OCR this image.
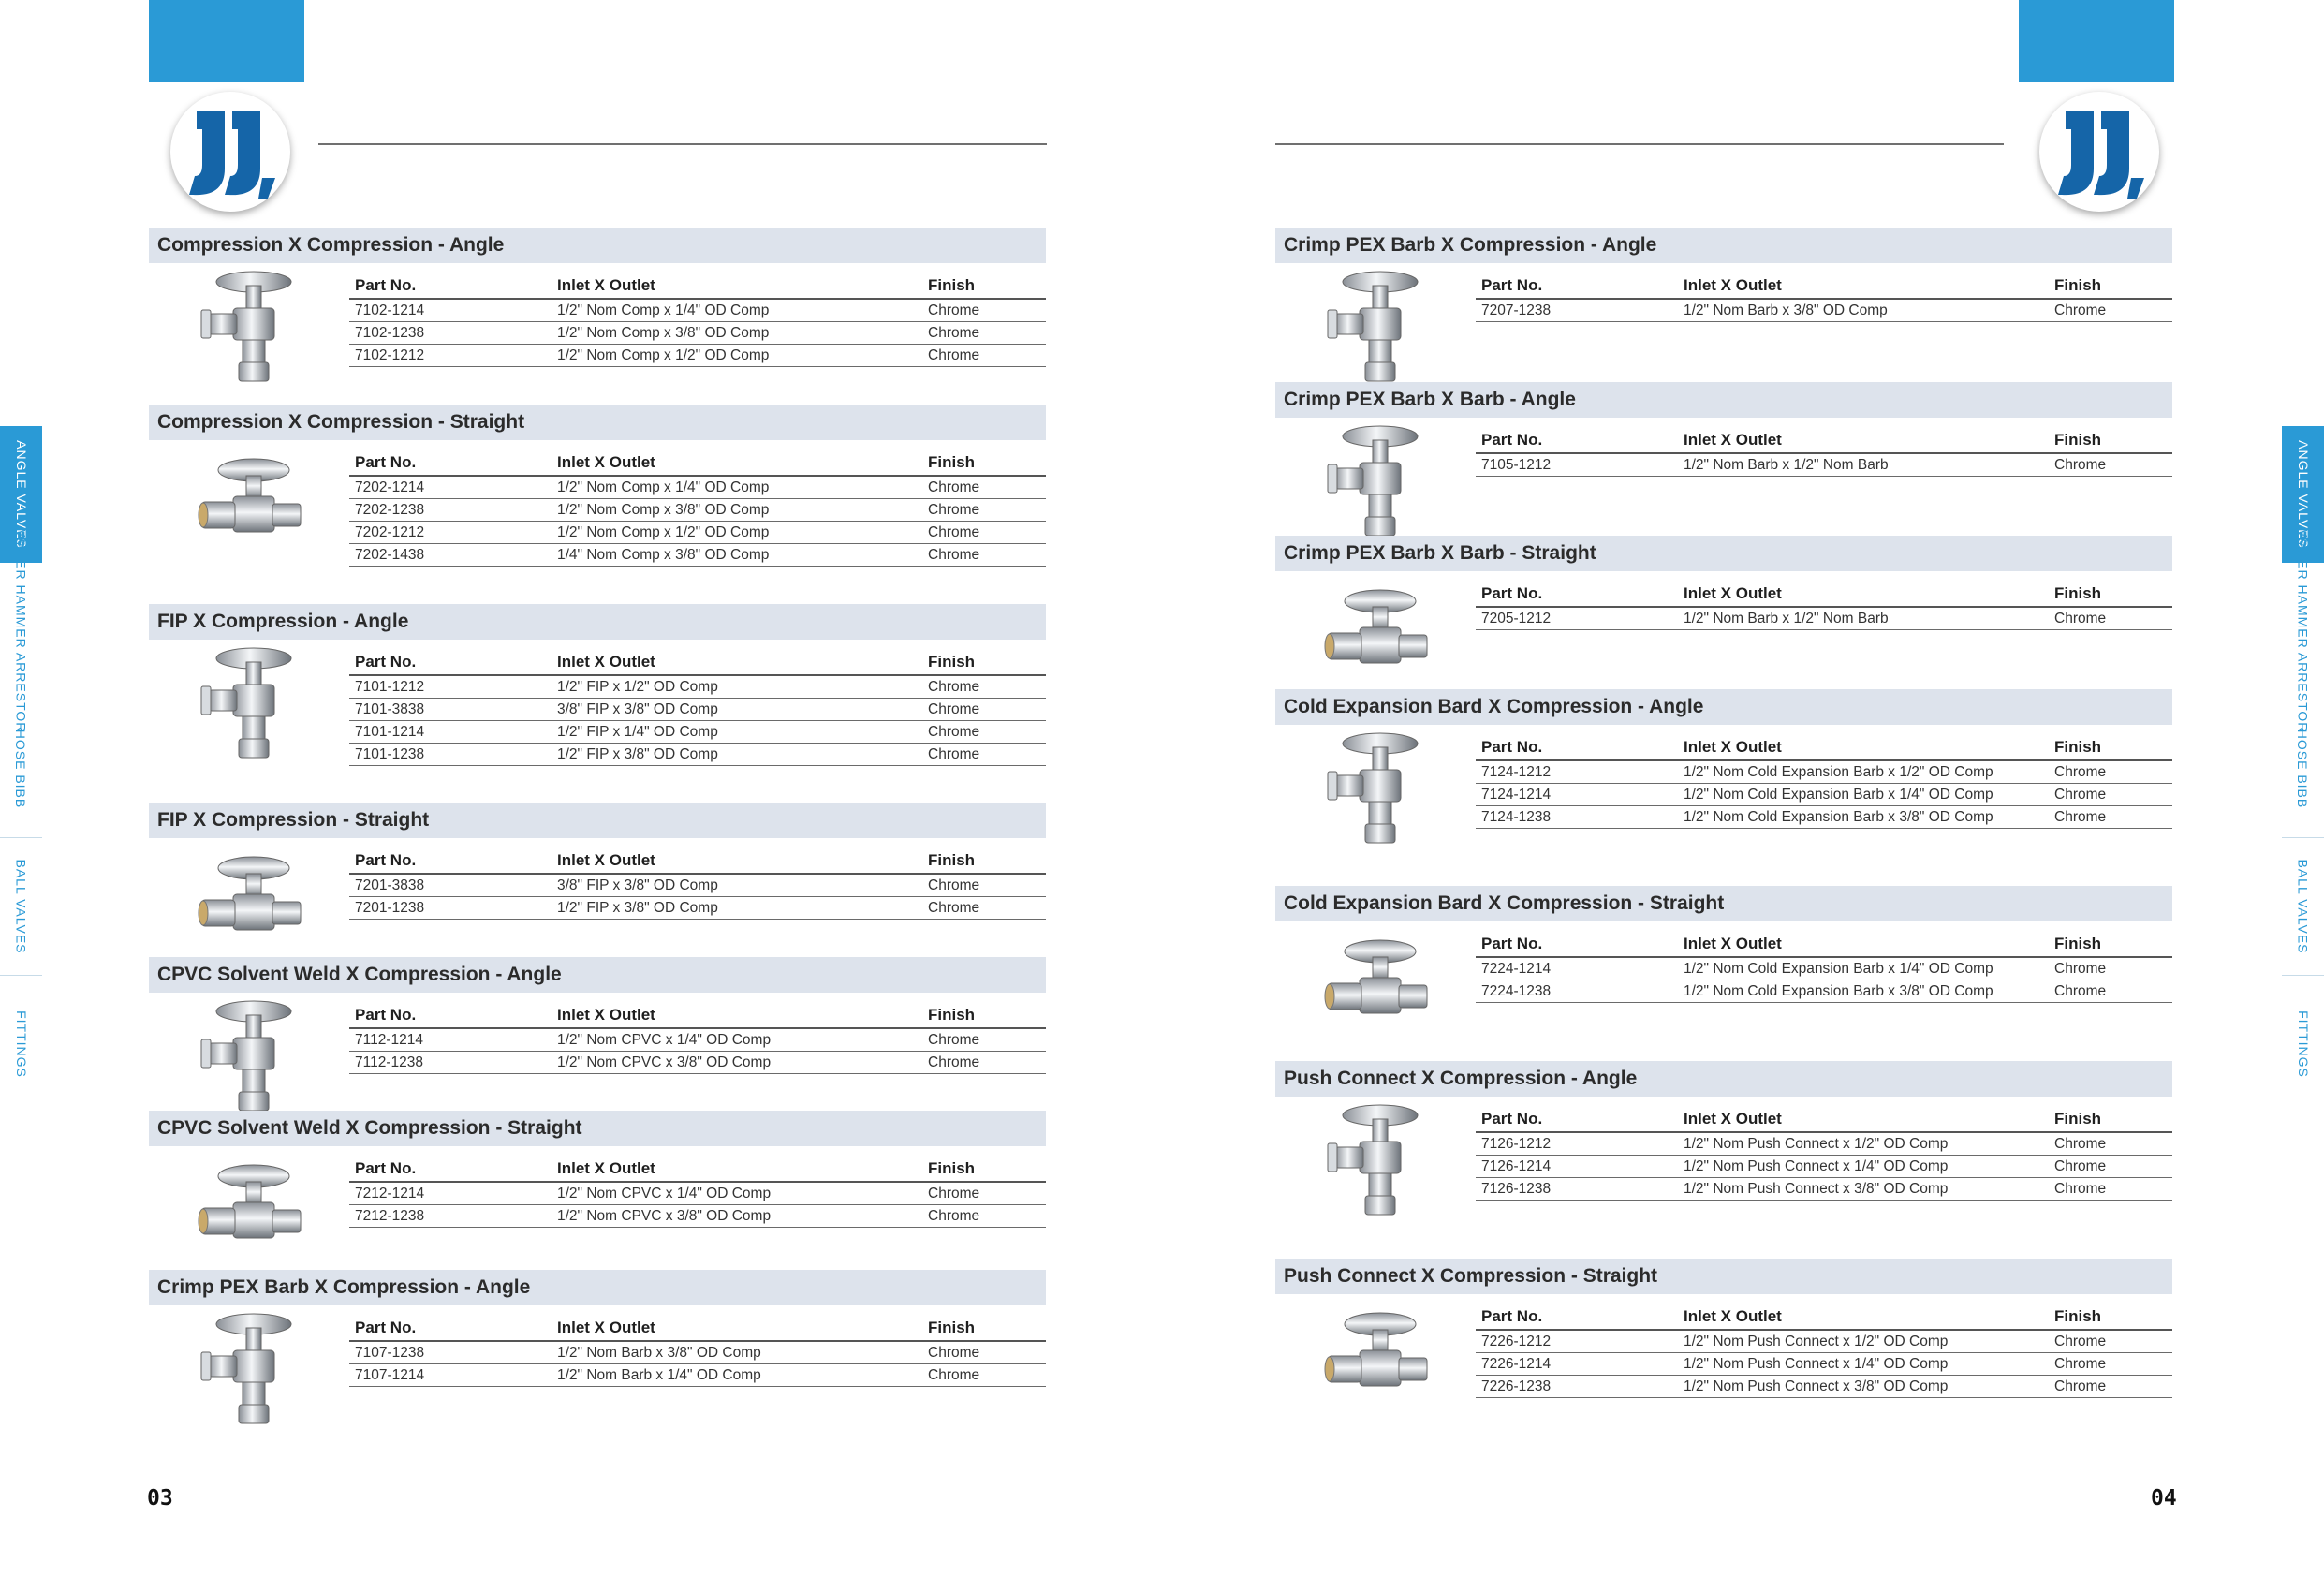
ANGLE VALVES
WATER HAMMER ARRESTOR
HOSE BIBB
BALL VALVES
FITTINGS
ANGLE VALVES
WATER HAMMER ARRESTOR
HOSE BIBB
BALL VALVES
FITTINGS
Compression X Compression - Angle
Part No.	Inlet X Outlet	Finish
7102-1214	1/2" Nom Comp x 1/4" OD Comp	Chrome
7102-1238	1/2" Nom Comp x 3/8" OD Comp	Chrome
7102-1212	1/2" Nom Comp x 1/2" OD Comp	Chrome
Compression X Compression - Straight
Part No.	Inlet X Outlet	Finish
7202-1214	1/2" Nom Comp x 1/4" OD Comp	Chrome
7202-1238	1/2" Nom Comp x 3/8" OD Comp	Chrome
7202-1212	1/2" Nom Comp x 1/2" OD Comp	Chrome
7202-1438	1/4" Nom Comp x 3/8" OD Comp	Chrome
FIP X Compression - Angle
Part No.	Inlet X Outlet	Finish
7101-1212	1/2" FIP x 1/2" OD Comp	Chrome
7101-3838	3/8" FIP x 3/8" OD Comp	Chrome
7101-1214	1/2" FIP x 1/4" OD Comp	Chrome
7101-1238	1/2" FIP x 3/8" OD Comp	Chrome
FIP X Compression - Straight
Part No.	Inlet X Outlet	Finish
7201-3838	3/8" FIP x 3/8" OD Comp	Chrome
7201-1238	1/2" FIP x 3/8" OD Comp	Chrome
CPVC Solvent Weld X Compression - Angle
Part No.	Inlet X Outlet	Finish
7112-1214	1/2" Nom CPVC x 1/4" OD Comp	Chrome
7112-1238	1/2" Nom CPVC x 3/8" OD Comp	Chrome
CPVC Solvent Weld X Compression - Straight
Part No.	Inlet X Outlet	Finish
7212-1214	1/2" Nom CPVC x 1/4" OD Comp	Chrome
7212-1238	1/2" Nom CPVC x 3/8" OD Comp	Chrome
Crimp PEX Barb X Compression - Angle
Part No.	Inlet X Outlet	Finish
7107-1238	1/2" Nom Barb x 3/8" OD Comp	Chrome
7107-1214	1/2" Nom Barb x 1/4" OD Comp	Chrome
Crimp PEX Barb X Compression - Angle
Part No.	Inlet X Outlet	Finish
7207-1238	1/2" Nom Barb x 3/8" OD Comp	Chrome
Crimp PEX Barb X Barb - Angle
Part No.	Inlet X Outlet	Finish
7105-1212	1/2" Nom Barb x 1/2" Nom Barb	Chrome
Crimp PEX Barb X Barb - Straight
Part No.	Inlet X Outlet	Finish
7205-1212	1/2" Nom Barb x 1/2" Nom Barb	Chrome
Cold Expansion Bard X Compression - Angle
Part No.	Inlet X Outlet	Finish
7124-1212	1/2" Nom Cold Expansion Barb x 1/2" OD Comp	Chrome
7124-1214	1/2" Nom Cold Expansion Barb x 1/4" OD Comp	Chrome
7124-1238	1/2" Nom Cold Expansion Barb x 3/8" OD Comp	Chrome
Cold Expansion Bard X Compression - Straight
Part No.	Inlet X Outlet	Finish
7224-1214	1/2" Nom Cold Expansion Barb x 1/4" OD Comp	Chrome
7224-1238	1/2" Nom Cold Expansion Barb x 3/8" OD Comp	Chrome
Push Connect X Compression - Angle
Part No.	Inlet X Outlet	Finish
7126-1212	1/2" Nom Push Connect x 1/2" OD Comp	Chrome
7126-1214	1/2" Nom Push Connect x 1/4" OD Comp	Chrome
7126-1238	1/2" Nom Push Connect x 3/8" OD Comp	Chrome
Push Connect X Compression - Straight
Part No.	Inlet X Outlet	Finish
7226-1212	1/2" Nom Push Connect x 1/2" OD Comp	Chrome
7226-1214	1/2" Nom Push Connect x 1/4" OD Comp	Chrome
7226-1238	1/2" Nom Push Connect x 3/8" OD Comp	Chrome
03	04
